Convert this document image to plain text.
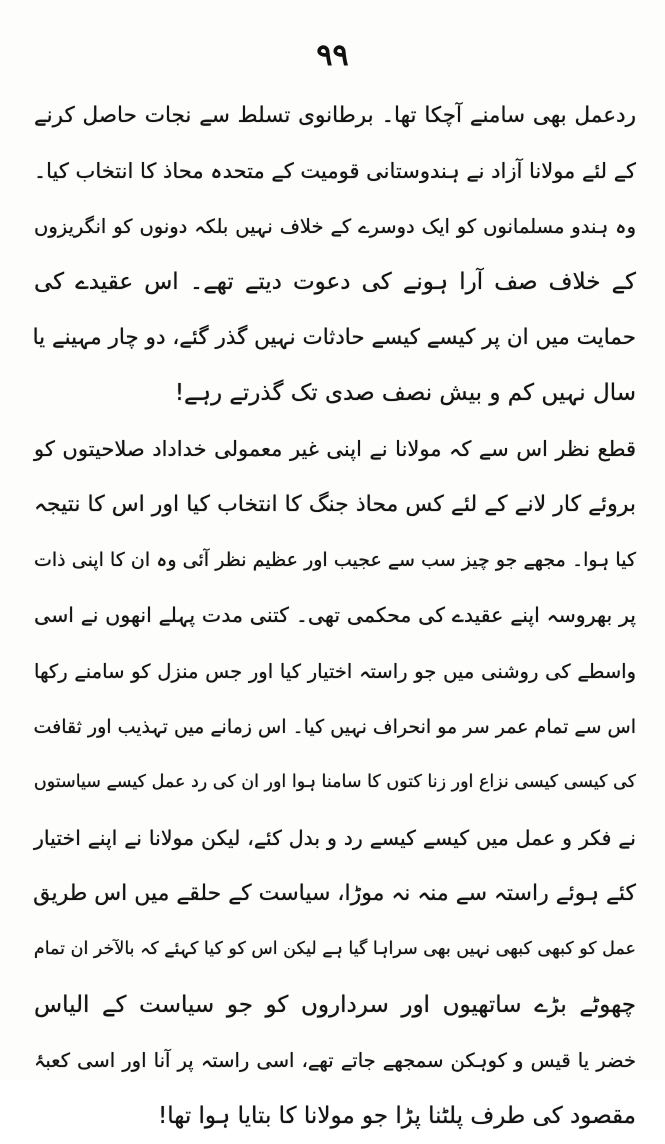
۹۹
ردعمل بھی سامنے آچکا تھا۔ برطانوی تسلط سے نجات حاصل کرنے
کے لئے مولانا آزاد نے ہندوستانی قومیت کے متحدہ محاذ کا انتخاب کیا۔
وہ ہندو مسلمانوں کو ایک دوسرے کے خلاف نہیں بلکہ دونوں کو انگریزوں
کے خلاف صف آرا ہونے کی دعوت دیتے تھے۔ اس عقیدے کی
حمایت میں ان پر کیسے کیسے حادثات نہیں گذر گئے، دو چار مہینے یا
سال نہیں کم و بیش نصف صدی تک گذرتے رہے!
قطع نظر اس سے کہ مولانا نے اپنی غیر معمولی خداداد صلاحیتوں کو
بروئے کار لانے کے لئے کس محاذ جنگ کا انتخاب کیا اور اس کا نتیجہ
کیا ہوا۔ مجھے جو چیز سب سے عجیب اور عظیم نظر آئی وہ ان کا اپنی ذات
پر بھروسہ اپنے عقیدے کی محکمی تھی۔ کتنی مدت پہلے انھوں نے اسی
واسطے کی روشنی میں جو راستہ اختیار کیا اور جس منزل کو سامنے رکھا
اس سے تمام عمر سر مو انحراف نہیں کیا۔ اس زمانے میں تہذیب اور ثقافت
کی کیسی کیسی نزاع اور زنا کتوں کا سامنا ہوا اور ان کی رد عمل کیسے سیاستوں
نے فکر و عمل میں کیسے کیسے رد و بدل کئے، لیکن مولانا نے اپنے اختیار
کئے ہوئے راستہ سے منہ نہ موڑا، سیاست کے حلقے میں اس طریق
عمل کو کبھی کبھی نہیں بھی سراہا گیا ہے لیکن اس کو کیا کہئے کہ بالآخر ان تمام
چھوٹے بڑے ساتھیوں اور سرداروں کو جو سیاست کے الیاس
خضر یا قیس و کوہکن سمجھے جاتے تھے، اسی راستہ پر آنا اور اسی کعبۂ
مقصود کی طرف پلٹنا پڑا جو مولانا کا بتایا ہوا تھا!
